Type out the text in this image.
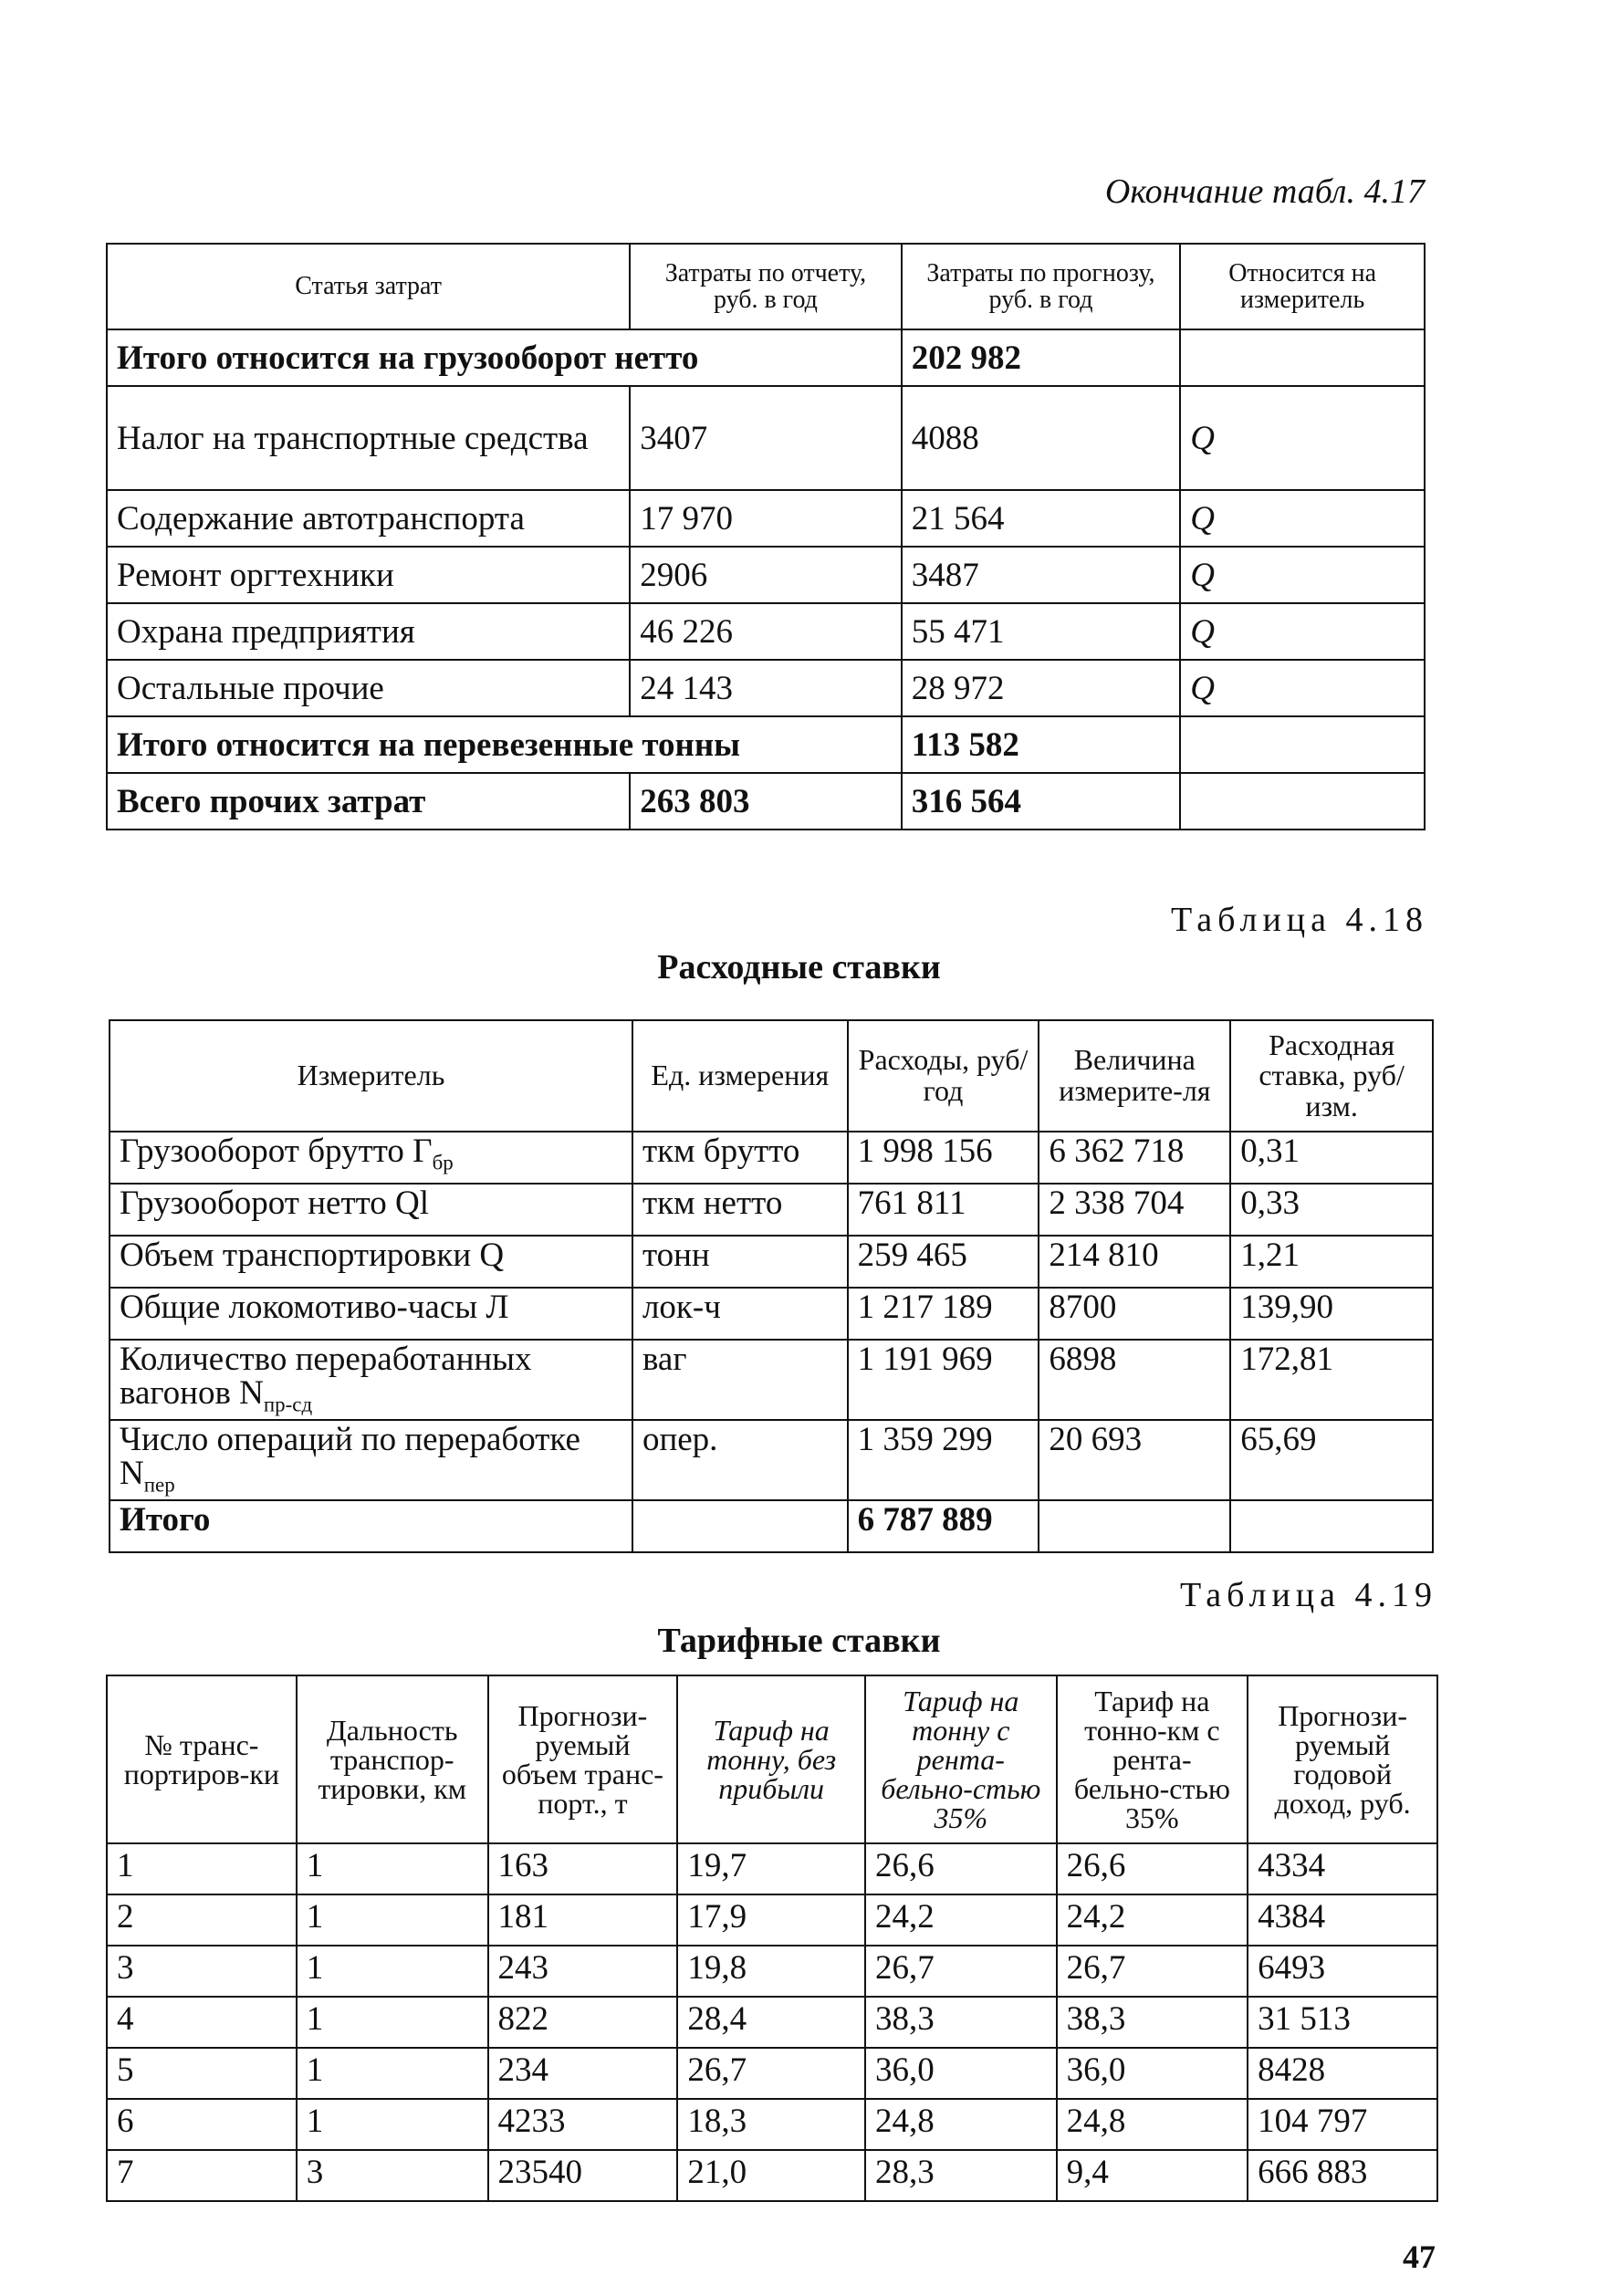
Окончание табл. 4.17
Статья затрат	Затраты по отчету, руб. в год	Затраты по прогнозу, руб. в год	Относится на измеритель
Итого относится на грузооборот нетто		202 982	
Налог на транспортные средства	3407	4088	Q
Содержание автотранспорта	17 970	21 564	Q
Ремонт оргтехники	2906	3487	Q
Охрана предприятия	46 226	55 471	Q
Остальные прочие	24 143	28 972	Q
Итого относится на перевезенные тонны		113 582	
Всего прочих затрат	263 803	316 564	
Таблица 4.18
Расходные ставки
Измеритель	Ед. измерения	Расходы, руб/год	Величина измерите-ля	Расходная ставка, руб/изм.
Грузооборот брутто $Г_{бр}$	ткм брутто	1 998 156	6 362 718	0,31
Грузооборот нетто Ql	ткм нетто	761 811	2 338 704	0,33
Объем транспортировки Q	тонн	259 465	214 810	1,21
Общие локомотиво-часы Л	лок-ч	1 217 189	8700	139,90
Количество переработанных вагонов $N_{пр-сд}$	ваг	1 191 969	6898	172,81
Число операций по переработке $N_{пер}$	опер.	1 359 299	20 693	65,69
Итого		6 787 889		
Таблица 4.19
Тарифные ставки
№ транс-портиров-ки	Дальность транспор-тировки, км	Прогнози-руемый объем транс-порт., т	Тариф на тонну, без прибыли	Тариф на тонну с рента-бельно-стью 35%	Тариф на тонно-км с рента-бельно-стью 35%	Прогнози-руемый годовой доход, руб.
1	1	163	19,7	26,6	26,6	4334
2	1	181	17,9	24,2	24,2	4384
3	1	243	19,8	26,7	26,7	6493
4	1	822	28,4	38,3	38,3	31 513
5	1	234	26,7	36,0	36,0	8428
6	1	4233	18,3	24,8	24,8	104 797
7	3	23540	21,0	28,3	9,4	666 883
47
